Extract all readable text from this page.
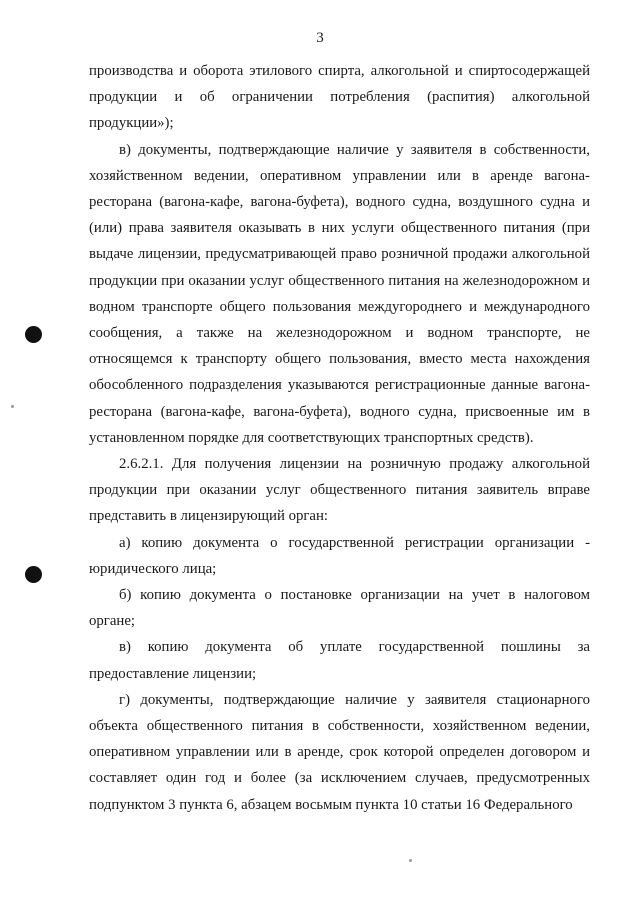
3

производства и оборота этилового спирта, алкогольной и спиртосодержащей продукции и об ограничении потребления (распития) алкогольной продукции»);

в) документы, подтверждающие наличие у заявителя в собственности, хозяйственном ведении, оперативном управлении или в аренде вагона-ресторана (вагона-кафе, вагона-буфета), водного судна, воздушного судна и (или) права заявителя оказывать в них услуги общественного питания (при выдаче лицензии, предусматривающей право розничной продажи алкогольной продукции при оказании услуг общественного питания на железнодорожном и водном транспорте общего пользования междугороднего и международного сообщения, а также на железнодорожном и водном транспорте, не относящемся к транспорту общего пользования, вместо места нахождения обособленного подразделения указываются регистрационные данные вагона-ресторана (вагона-кафе, вагона-буфета), водного судна, присвоенные им в установленном порядке для соответствующих транспортных средств).

2.6.2.1. Для получения лицензии на розничную продажу алкогольной продукции при оказании услуг общественного питания заявитель вправе представить в лицензирующий орган:

а) копию документа о государственной регистрации организации - юридического лица;

б) копию документа о постановке организации на учет в налоговом органе;

в) копию документа об уплате государственной пошлины за предоставление лицензии;

г) документы, подтверждающие наличие у заявителя стационарного объекта общественного питания в собственности, хозяйственном ведении, оперативном управлении или в аренде, срок которой определен договором и составляет один год и более (за исключением случаев, предусмотренных подпунктом 3 пункта 6, абзацем восьмым пункта 10 статьи 16 Федерального
